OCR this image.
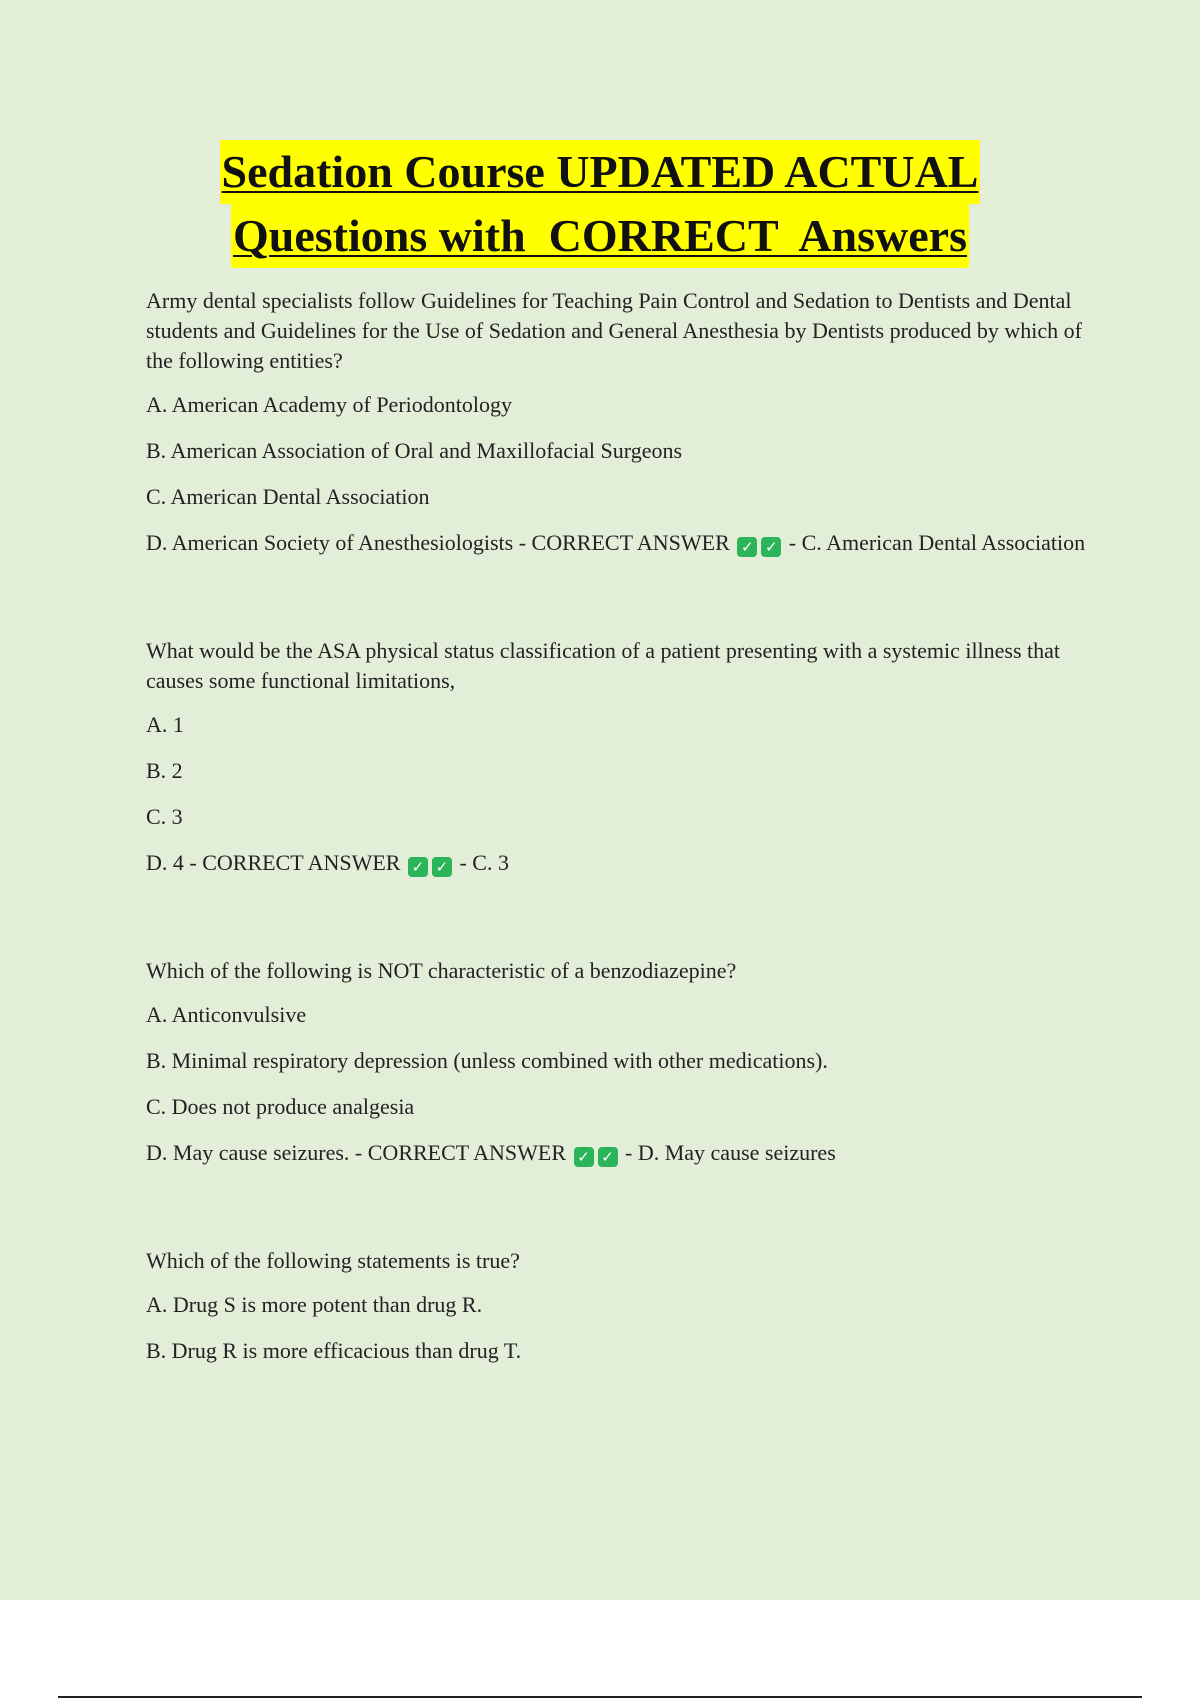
Sedation Course UPDATED ACTUAL
Questions with  CORRECT  Answers
Army dental specialists follow Guidelines for Teaching Pain Control and Sedation to Dentists and Dental students and Guidelines for the Use of Sedation and General Anesthesia by Dentists produced by which of the following entities?
A. American Academy of Periodontology
B. American Association of Oral and Maxillofacial Surgeons
C. American Dental Association
D. American Society of Anesthesiologists - CORRECT ANSWER ✓ ✓ - C. American Dental Association
What would be the ASA physical status classification of a patient presenting with a systemic illness that causes some functional limitations,
A. 1
B. 2
C. 3
D. 4 - CORRECT ANSWER ✓ ✓ - C. 3
Which of the following is NOT characteristic of a benzodiazepine?
A. Anticonvulsive
B. Minimal respiratory depression (unless combined with other medications).
C. Does not produce analgesia
D. May cause seizures. - CORRECT ANSWER ✓ ✓ - D. May cause seizures
Which of the following statements is true?
A. Drug S is more potent than drug R.
B. Drug R is more efficacious than drug T.
